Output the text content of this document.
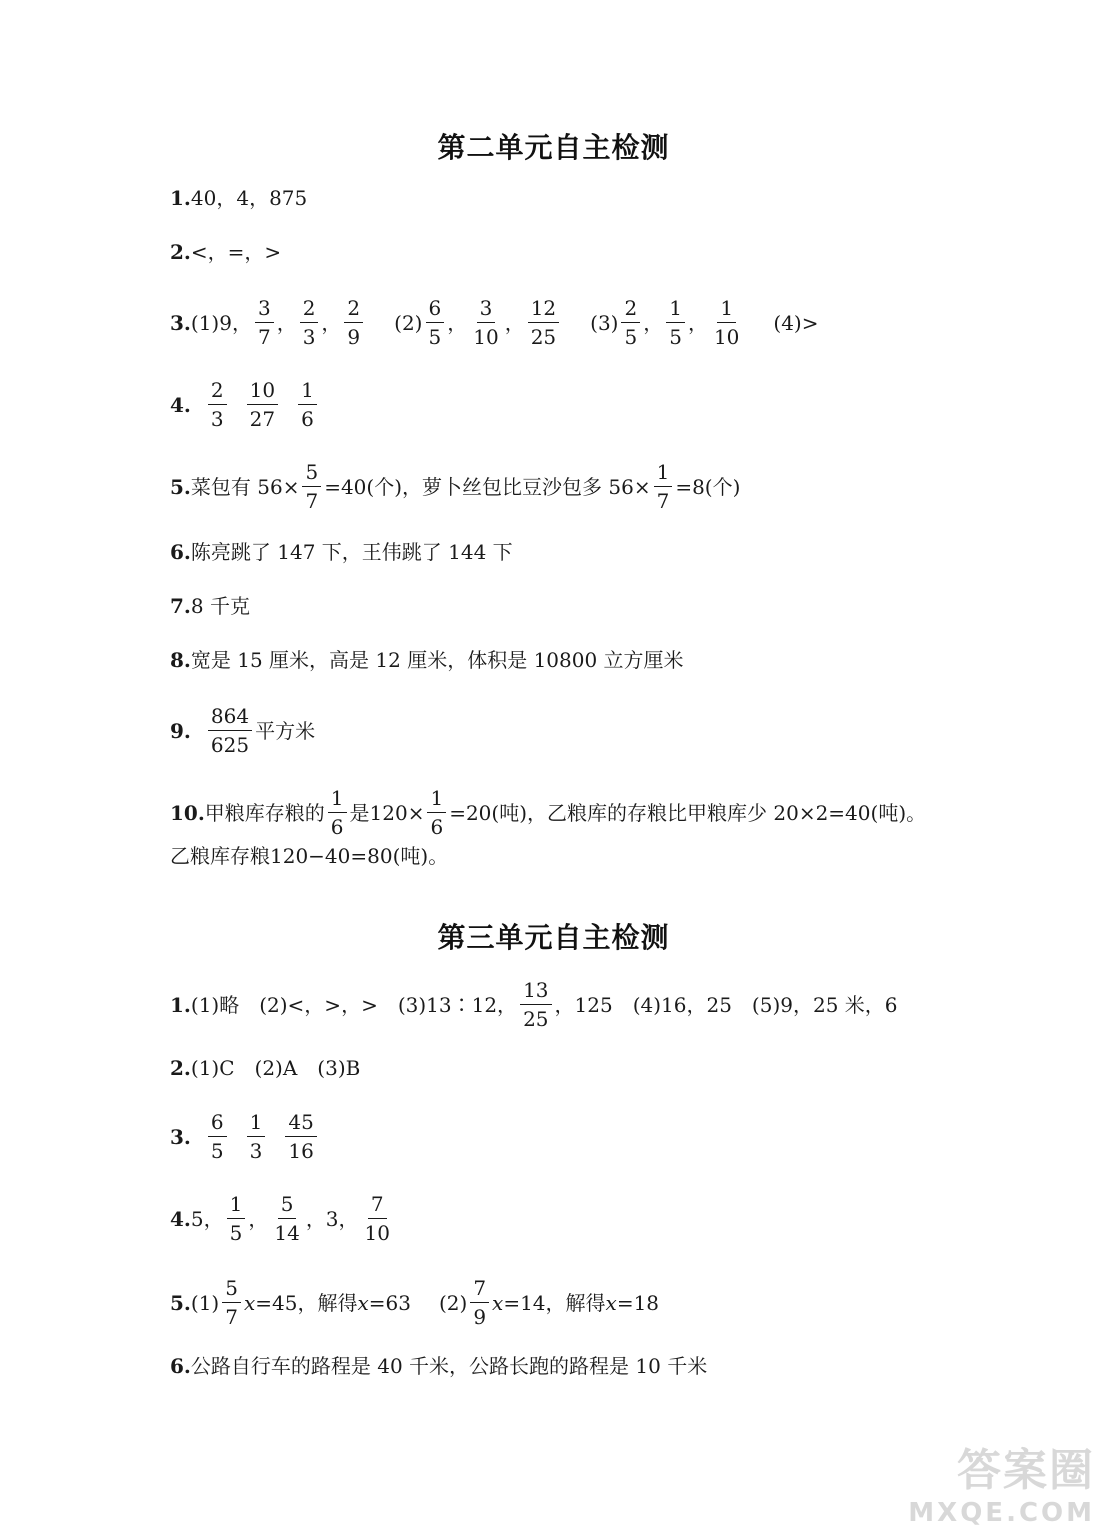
第二单元自主检测
1. 40，4，875
2. <，=，>
3. (1)9， $\frac{3}{7}$ ， $\frac{2}{3}$ ， $\frac{2}{9} (2) \frac{6}{5}$ ， $\frac{3}{10}$ ， $\frac{12}{25} (3) \frac{2}{5}$ ， $\frac{1}{5}$ ， $\frac{1}{10} (4)>$
4. $\frac{2}{3} \frac{10}{27} \frac{1}{6}$
5. 菜包有 $56\times \frac{5}{7} =40$(个)，萝卜丝包比豆沙包多 $56\times \frac{1}{7} =8$(个)
6. 陈亮跳了 147 下，王伟跳了 144 下
7. 8 千克
8. 宽是 15 厘米，高是 12 厘米，体积是 10800 立方厘米
9. $\frac{864}{625}$ 平方米
10. 甲粮库存粮的 $\frac{1}{6}$ 是$120\times \frac{1}{6} =20$(吨)，乙粮库的存粮比甲粮库少 20×2=40(吨)。
乙粮库存粮120−40=80(吨)。
第三单元自主检测
1. (1)略　(2)<，>，>　(3)13∶12， $\frac{13}{25}$ ，125　(4)16，25　(5)9，25 米，6
2. (1)C　(2)A　(3)B
3. $\frac{6}{5} \frac{1}{3} \frac{45}{16}$
4. 5， $\frac{1}{5}$ ， $\frac{5}{14}$ ，3， $\frac{7}{10}$
5. $(1) \frac{5}{7}$ x =45，解得 x =63 $(2) \frac{7}{9}$ x =14，解得 x =18
6. 公路自行车的路程是 40 千米，公路长跑的路程是 10 千米
答案圈
MXQE.COM
